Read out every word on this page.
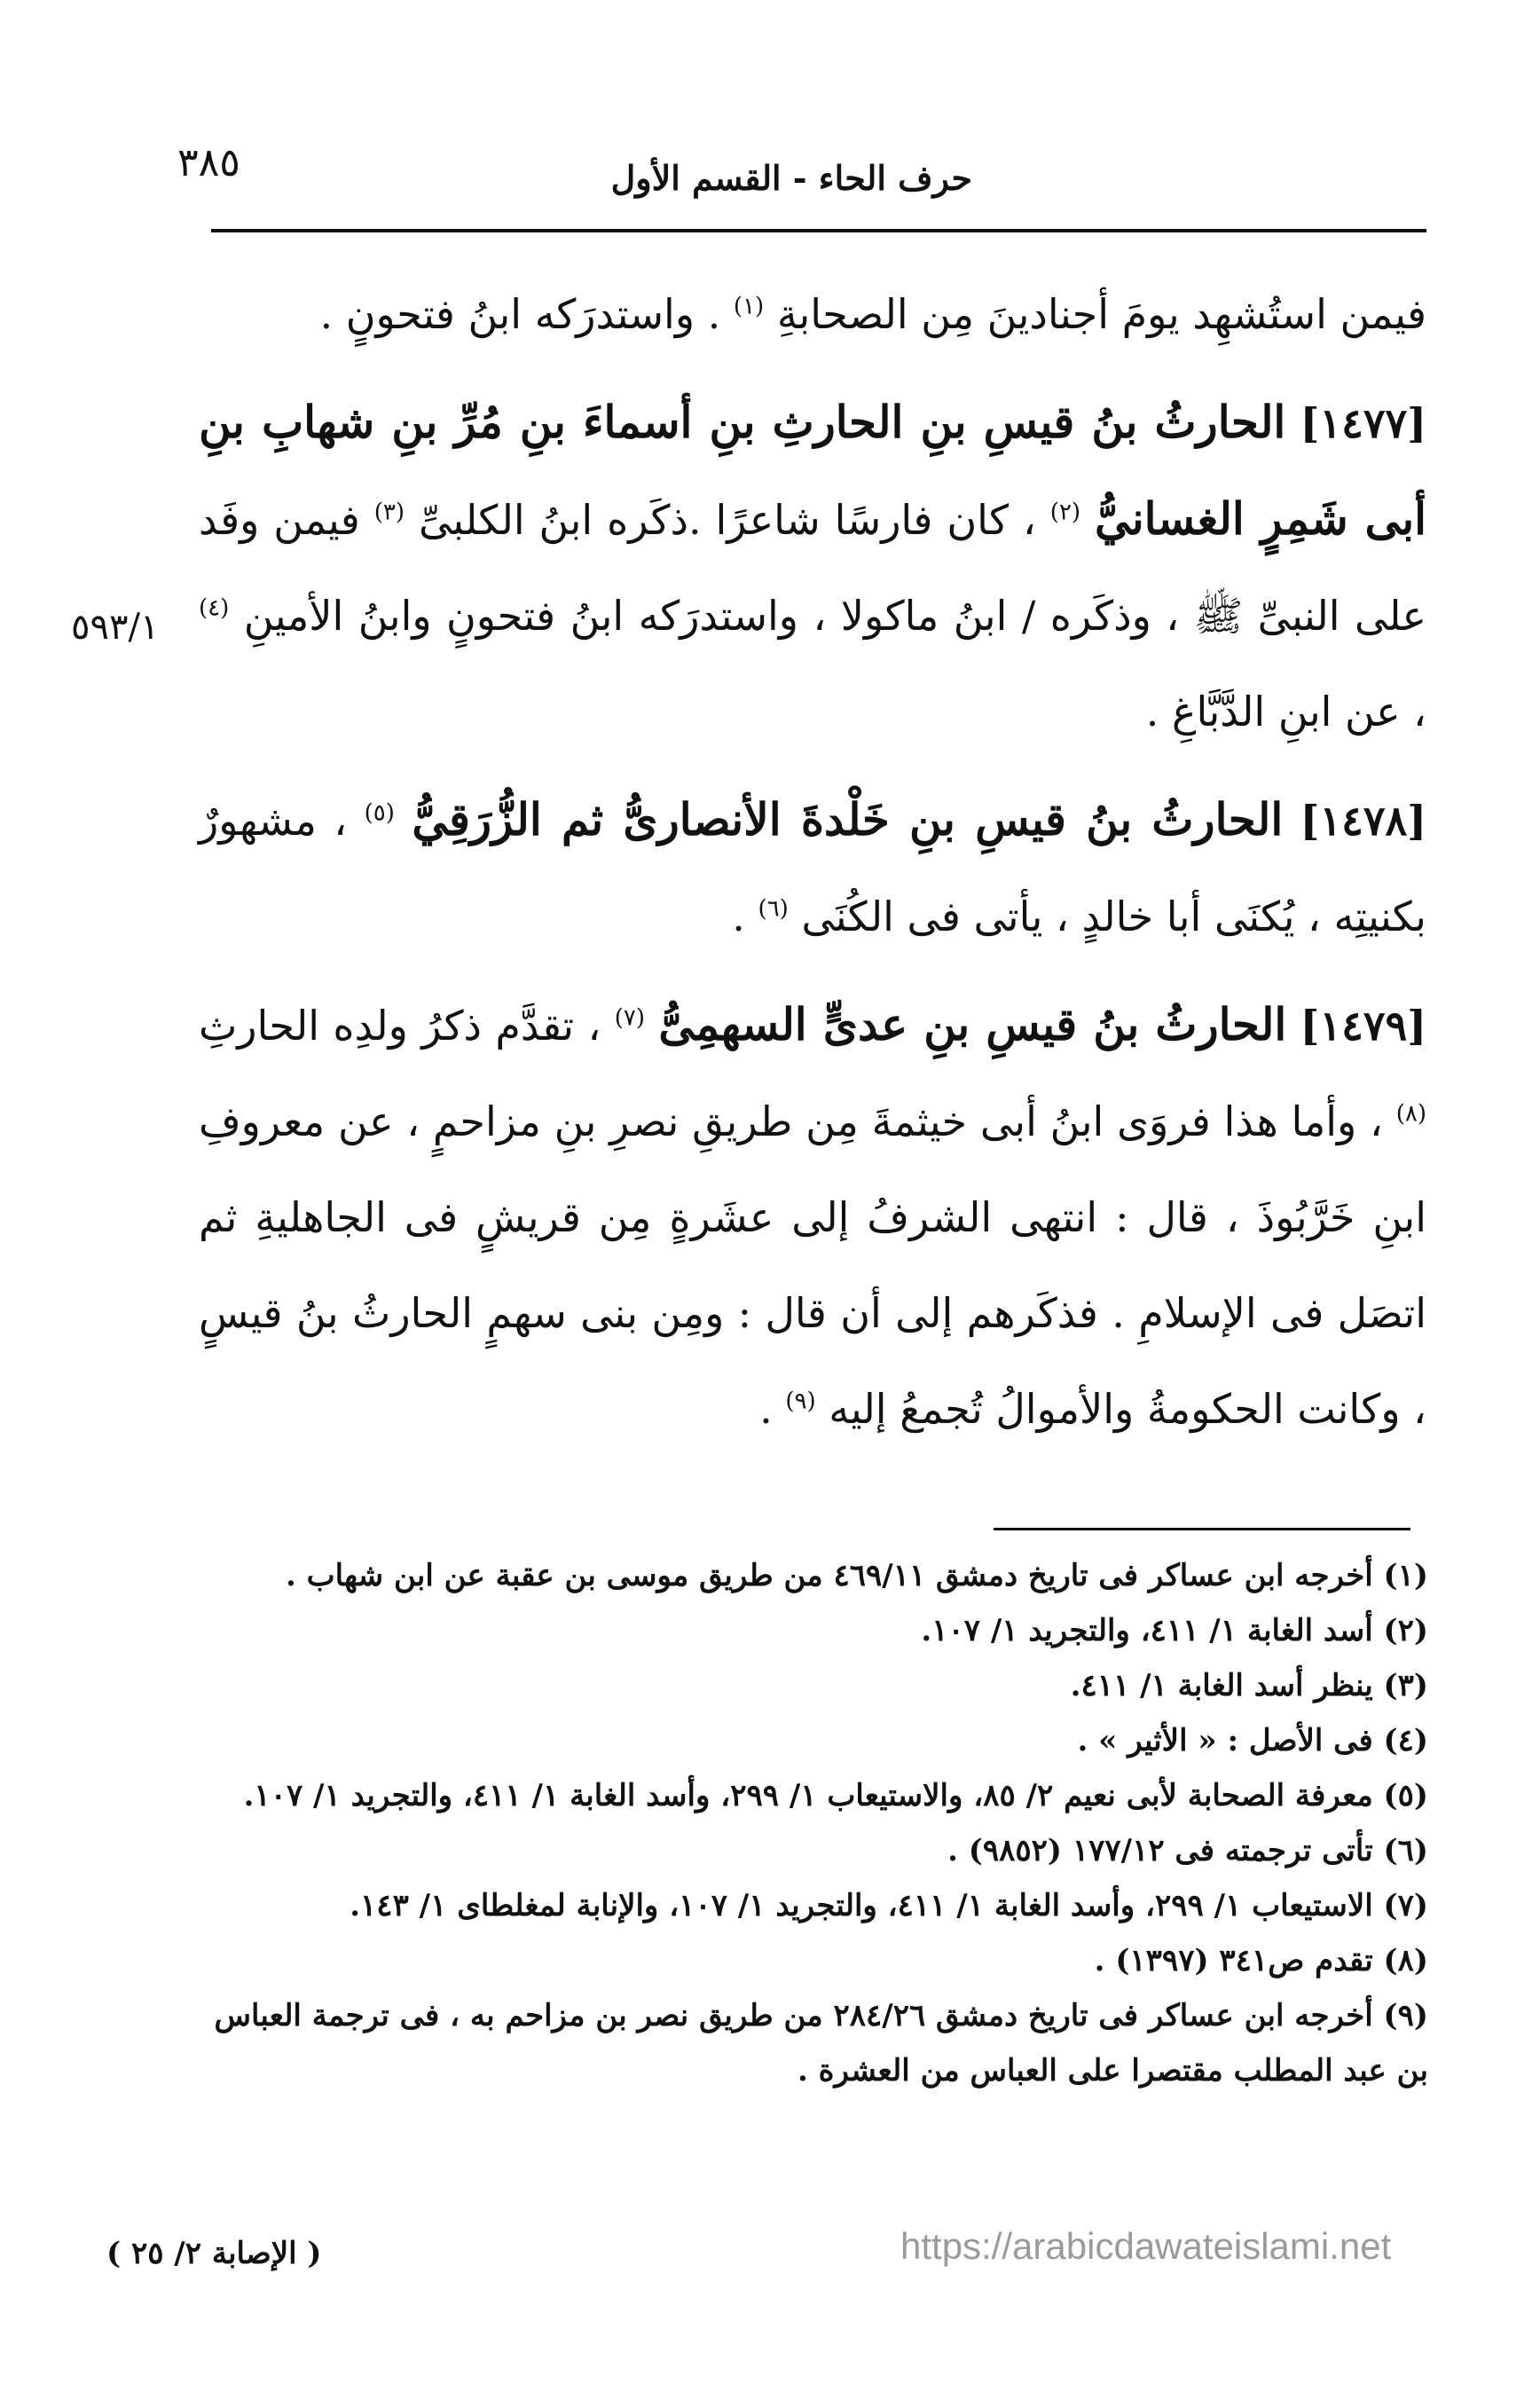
٣٨٥	حرف الحاء - القسم الأول
٥٩٣/١

فيمن استُشهِد يومَ أجنادينَ مِن الصحابةِ $^{(١)}$ . واستدرَكه ابنُ فتحونٍ .

[١٤٧٧] الحارثُ بنُ قيسِ بنِ الحارثِ بنِ أسماءَ بنِ مُرِّ بنِ شهابِ بنِ أبى شَمِرٍ الغسانيُّ $^{(٢)}$ ، كان فارسًا شاعرًا .ذكَره ابنُ الكلبىِّ $^{(٣)}$ فيمن وفَد على النبىِّ ﷺ ، وذكَره / ابنُ ماكولا ، واستدرَكه ابنُ فتحونٍ وابنُ الأمينِ $^{(٤)}$ ، عن ابنِ الدَّبَّاغِ .

[١٤٧٨] الحارثُ بنُ قيسِ بنِ خَلْدةَ الأنصارىُّ ثم الزُّرَقِيُّ $^{(٥)}$ ، مشهورٌ بكنيتِه ، يُكنَى أبا خالدٍ ، يأتى فى الكُنَى $^{(٦)}$ .

[١٤٧٩] الحارثُ بنُ قيسِ بنِ عدىٍّ السهمِىُّ $^{(٧)}$ ، تقدَّم ذكرُ ولدِه الحارثِ $^{(٨)}$ ، وأما هذا فروَى ابنُ أبى خيثمةَ مِن طريقِ نصرِ بنِ مزاحمٍ ، عن معروفِ ابنِ خَرَّبُوذَ ، قال : انتهى الشرفُ إلى عشَرةٍ مِن قريشٍ فى الجاهليةِ ثم اتصَل فى الإسلامِ . فذكَرهم إلى أن قال : ومِن بنى سهمٍ الحارثُ بنُ قيسٍ ، وكانت الحكومةُ والأموالُ تُجمعُ إليه $^{(٩)}$ .

(١) أخرجه ابن عساكر فى تاريخ دمشق ٤٦٩/١١ من طريق موسى بن عقبة عن ابن شهاب .
(٢) أسد الغابة ١/ ٤١١، والتجريد ١/ ١٠٧.
(٣) ينظر أسد الغابة ١/ ٤١١.
(٤) فى الأصل : « الأثير » .
(٥) معرفة الصحابة لأبى نعيم ٢/ ٨٥، والاستيعاب ١/ ٢٩٩، وأسد الغابة ١/ ٤١١، والتجريد ١/ ١٠٧.
(٦) تأتى ترجمته فى ١٧٧/١٢ (٩٨٥٢) .
(٧) الاستيعاب ١/ ٢٩٩، وأسد الغابة ١/ ٤١١، والتجريد ١/ ١٠٧، والإنابة لمغلطاى ١/ ١٤٣.
(٨) تقدم ص٣٤١ (١٣٩٧) .
(٩) أخرجه ابن عساكر فى تاريخ دمشق ٢٨٤/٢٦ من طريق نصر بن مزاحم به ، فى ترجمة العباس بن عبد المطلب مقتصرا على العباس من العشرة .
( الإصابة ٢/ ٢٥ )	https://arabicdawateislami.net
